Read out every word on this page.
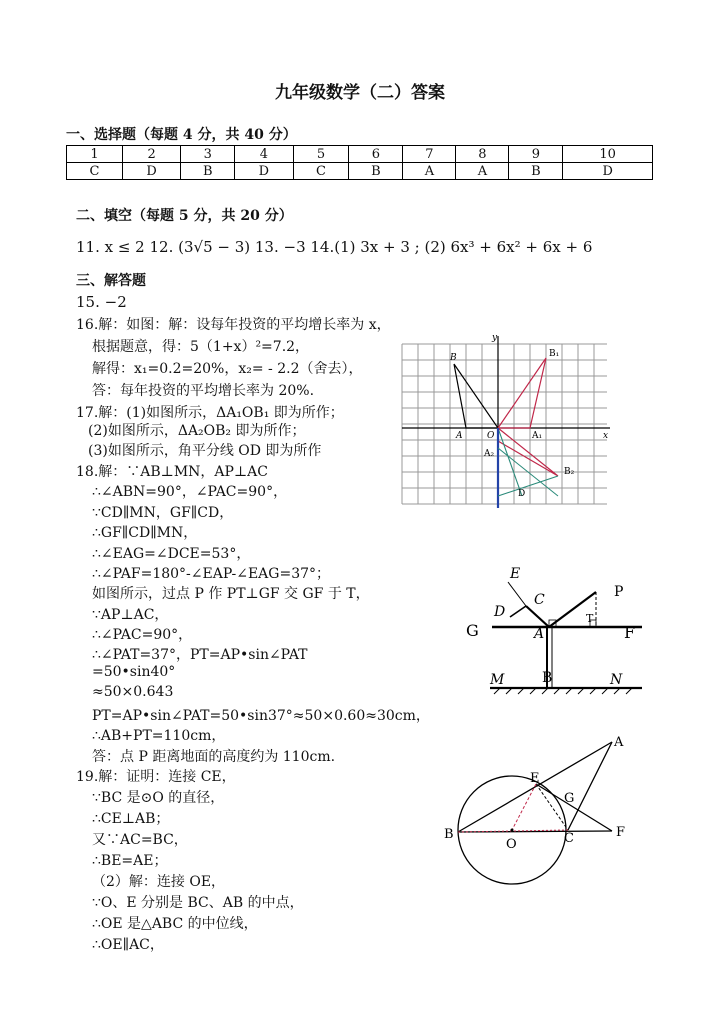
九年级数学（二）答案
一、选择题（每题 4 分，共 40 分）
1	2	3	4	5	6	7	8	9	10
C	D	B	D	C	B	A	A	B	D
二、填空（每题 5 分，共 20 分）
11. x ≤ 2 12. (3√5 − 3) 13. −3 14.(1) 3x + 3 ; (2) 6x³ + 6x² + 6x + 6
三、解答题
15. −2
16.解：如图：解：设每年投资的平均增长率为 x，
根据题意，得：5（1+x）²=7.2，
解得：x₁=0.2=20%，x₂= - 2.2（舍去），
答：每年投资的平均增长率为 20%.
17.解：(1)如图所示，ΔA₁OB₁ 即为所作；
(2)如图所示，ΔA₂OB₂ 即为所作；
(3)如图所示，角平分线 OD 即为所作
18.解：∵AB⊥MN，AP⊥AC
∴∠ABN=90°，∠PAC=90°，
∵CD∥MN，GF∥CD，
∴GF∥CD∥MN，
∴∠EAG=∠DCE=53°，
∴∠PAF=180°-∠EAP-∠EAG=37°；
如图所示，过点 P 作 PT⊥GF 交 GF 于 T，
∵AP⊥AC，
∴∠PAC=90°，
∴∠PAT=37°，PT=AP•sin∠PAT
=50•sin40°
≈50×0.643
PT=AP•sin∠PAT=50•sin37°≈50×0.60≈30cm，
∴AB+PT=110cm，
答：点 P 距离地面的高度约为 110cm.
19.解：证明：连接 CE，
∵BC 是⊙O 的直径，
∴CE⊥AB；
又∵AC=BC，
∴BE=AE；
（2）解：连接 OE，
∵O、E 分别是 BC、AB 的中点，
∴OE 是△ABC 的中位线，
∴OE∥AC，
y
B	B₁
A	O	A₁	x
A₂
B₂
D
E
C	P
D
G	A
T
F
M	B	N
A
E
G
B
O	C	F
